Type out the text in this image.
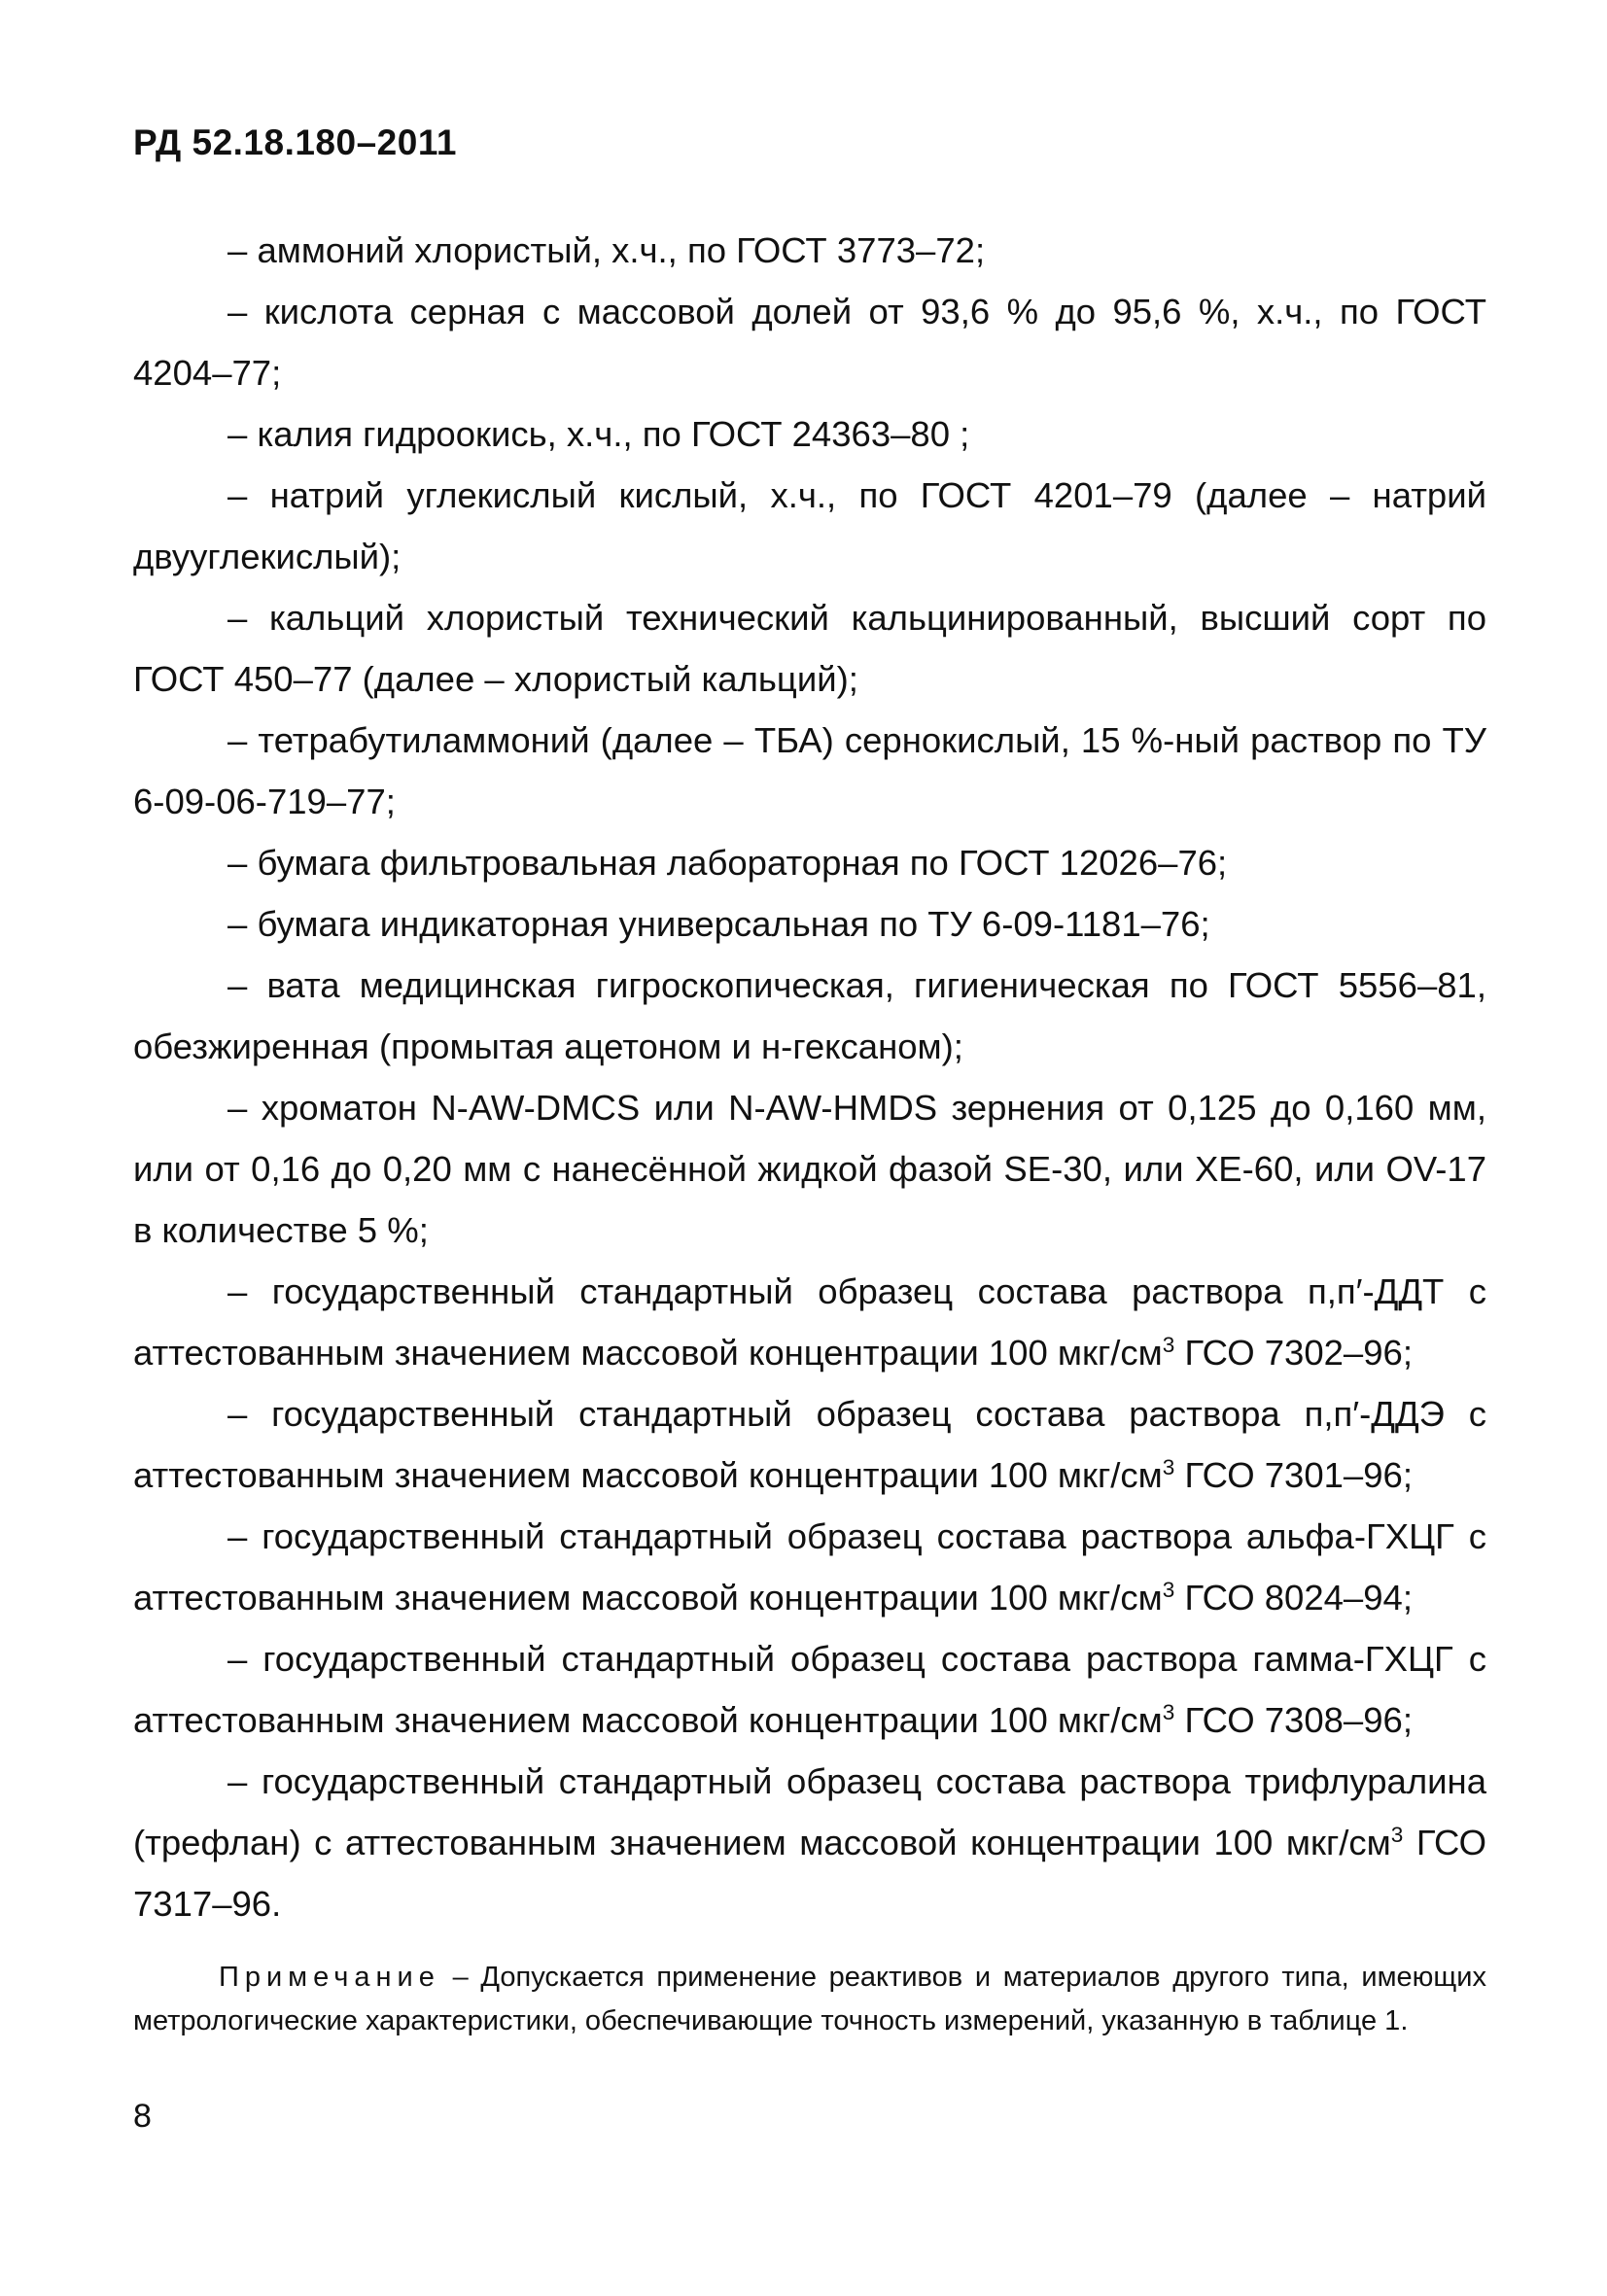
РД 52.18.180–2011

– аммоний хлористый, х.ч., по ГОСТ 3773–72;

– кислота серная с массовой долей от 93,6 % до 95,6 %, х.ч., по ГОСТ 4204–77;

– калия гидроокись, х.ч., по ГОСТ 24363–80 ;

– натрий углекислый кислый, х.ч., по ГОСТ 4201–79 (далее – натрий двууглекислый);

– кальций хлористый технический кальцинированный, высший сорт по ГОСТ 450–77 (далее – хлористый кальций);

– тетрабутиламмоний (далее – ТБА) сернокислый, 15 %-ный раствор по ТУ 6-09-06-719–77;

– бумага фильтровальная лабораторная по ГОСТ 12026–76;

– бумага индикаторная универсальная по ТУ 6-09-1181–76;

– вата медицинская гигроскопическая, гигиеническая по ГОСТ 5556–81, обезжиренная (промытая ацетоном и н-гексаном);

– хроматон N-AW-DMCS или N-AW-HMDS зернения от 0,125 до 0,160 мм, или от 0,16 до 0,20 мм с нанесённой жидкой фазой SE-30, или XE-60, или OV-17 в количестве 5 %;

– государственный стандартный образец состава раствора п,п′-ДДТ с аттестованным значением массовой концентрации 100 мкг/$см^3$ ГСО 7302–96;

– государственный стандартный образец состава раствора п,п′-ДДЭ с аттестованным значением массовой концентрации 100 мкг/$см^3$ ГСО 7301–96;

– государственный стандартный образец состава раствора альфа-ГХЦГ с аттестованным значением массовой концентрации 100 мкг/$см^3$ ГСО 8024–94;

– государственный стандартный образец состава раствора гамма-ГХЦГ с аттестованным значением массовой концентрации 100 мкг/$см^3$ ГСО 7308–96;

– государственный стандартный образец состава раствора трифлуралина (трефлан) с аттестованным значением массовой концентрации 100 мкг/$см^3$ ГСО 7317–96.

Примечание – Допускается применение реактивов и материалов другого типа, имеющих метрологические характеристики, обеспечивающие точность измерений, указанную в таблице 1.

8
